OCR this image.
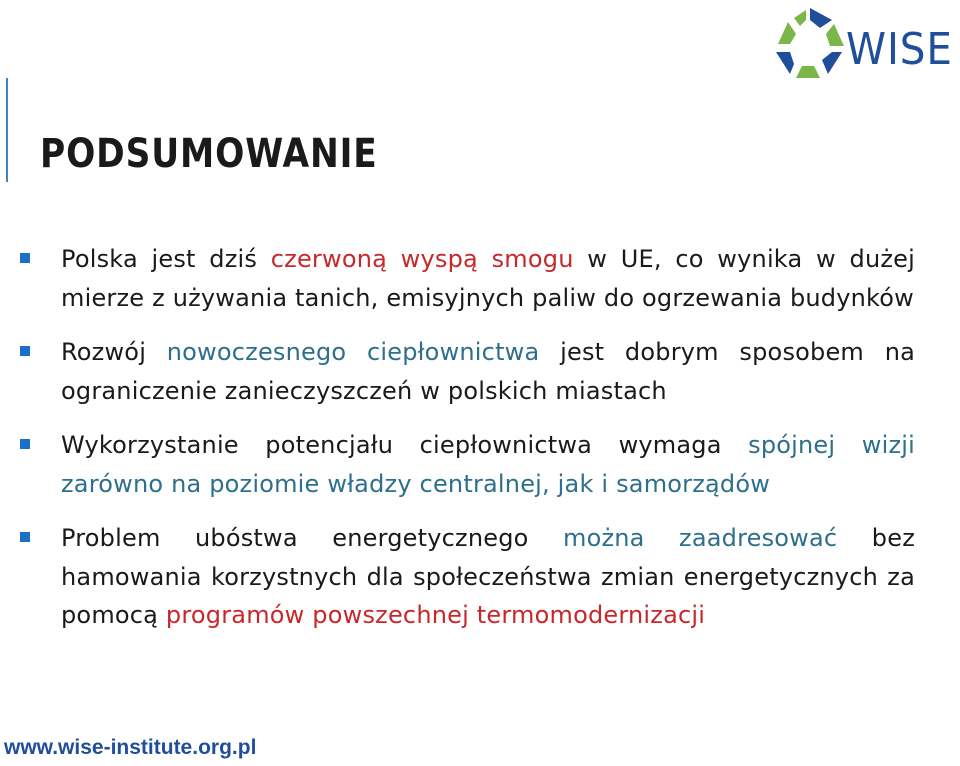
PODSUMOWANIE
WISE
Polska jest dziś czerwoną wyspą smogu w UE, co wynika w dużej mierze z używania tanich, emisyjnych paliw do ogrzewania budynków
Rozwój nowoczesnego ciepłownictwa jest dobrym sposobem na ograniczenie zanieczyszczeń w polskich miastach
Wykorzystanie potencjału ciepłownictwa wymaga spójnej wizji zarówno na poziomie władzy centralnej, jak i samorządów
Problem ubóstwa energetycznego można zaadresować bez hamowania korzystnych dla społeczeństwa zmian energetycznych za pomocą programów powszechnej termomodernizacji
www.wise-institute.org.pl
